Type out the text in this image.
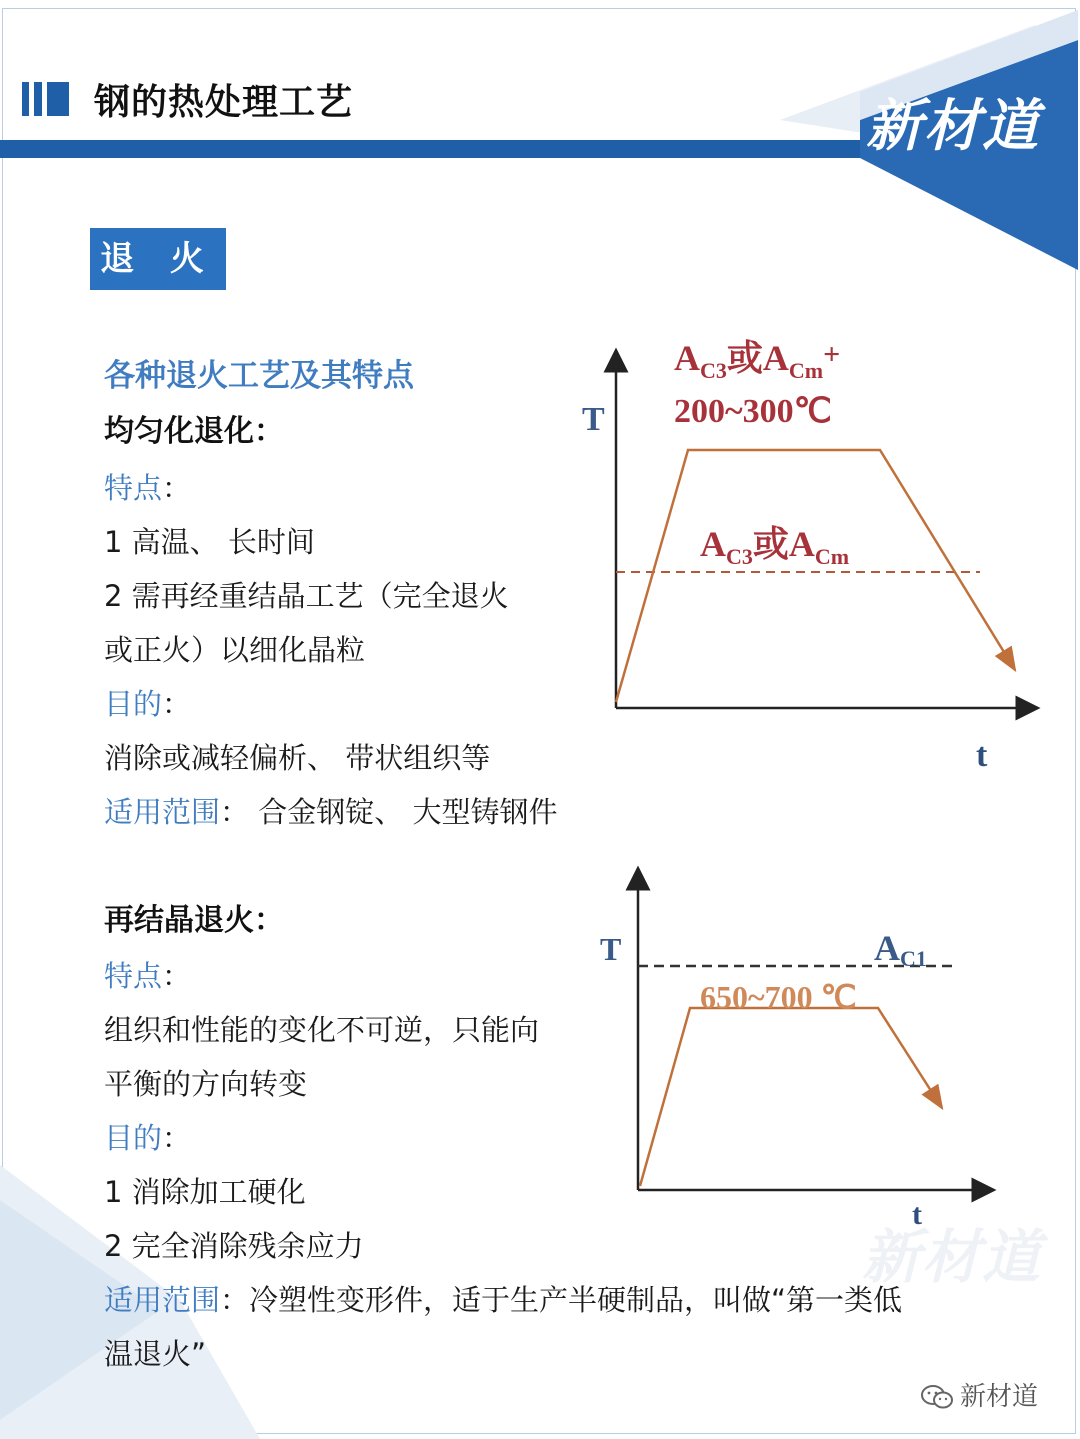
钢的热处理工艺	新材道
退 火
各种退火工艺及其特点
均匀化退化：
特点：
1 高温、 长时间
2 需再经重结晶工艺（完全退火
或正火）以细化晶粒
目的：
消除或减轻偏析、 带状组织等
适用范围： 合金钢锭、 大型铸钢件
再结晶退火：
特点：
组织和性能的变化不可逆，只能向
平衡的方向转变
目的：
1 消除加工硬化
2 完全消除残余应力
适用范围：冷塑性变形件，适于生产半硬制品，叫做“第一类低
温退火”
T
t
$A_{C3}$或$A_{Cm}^+$
200~300℃
$A_{C3}$或$A_{Cm}$
T
t
AC1
650~700 ℃
新材道
新材道
